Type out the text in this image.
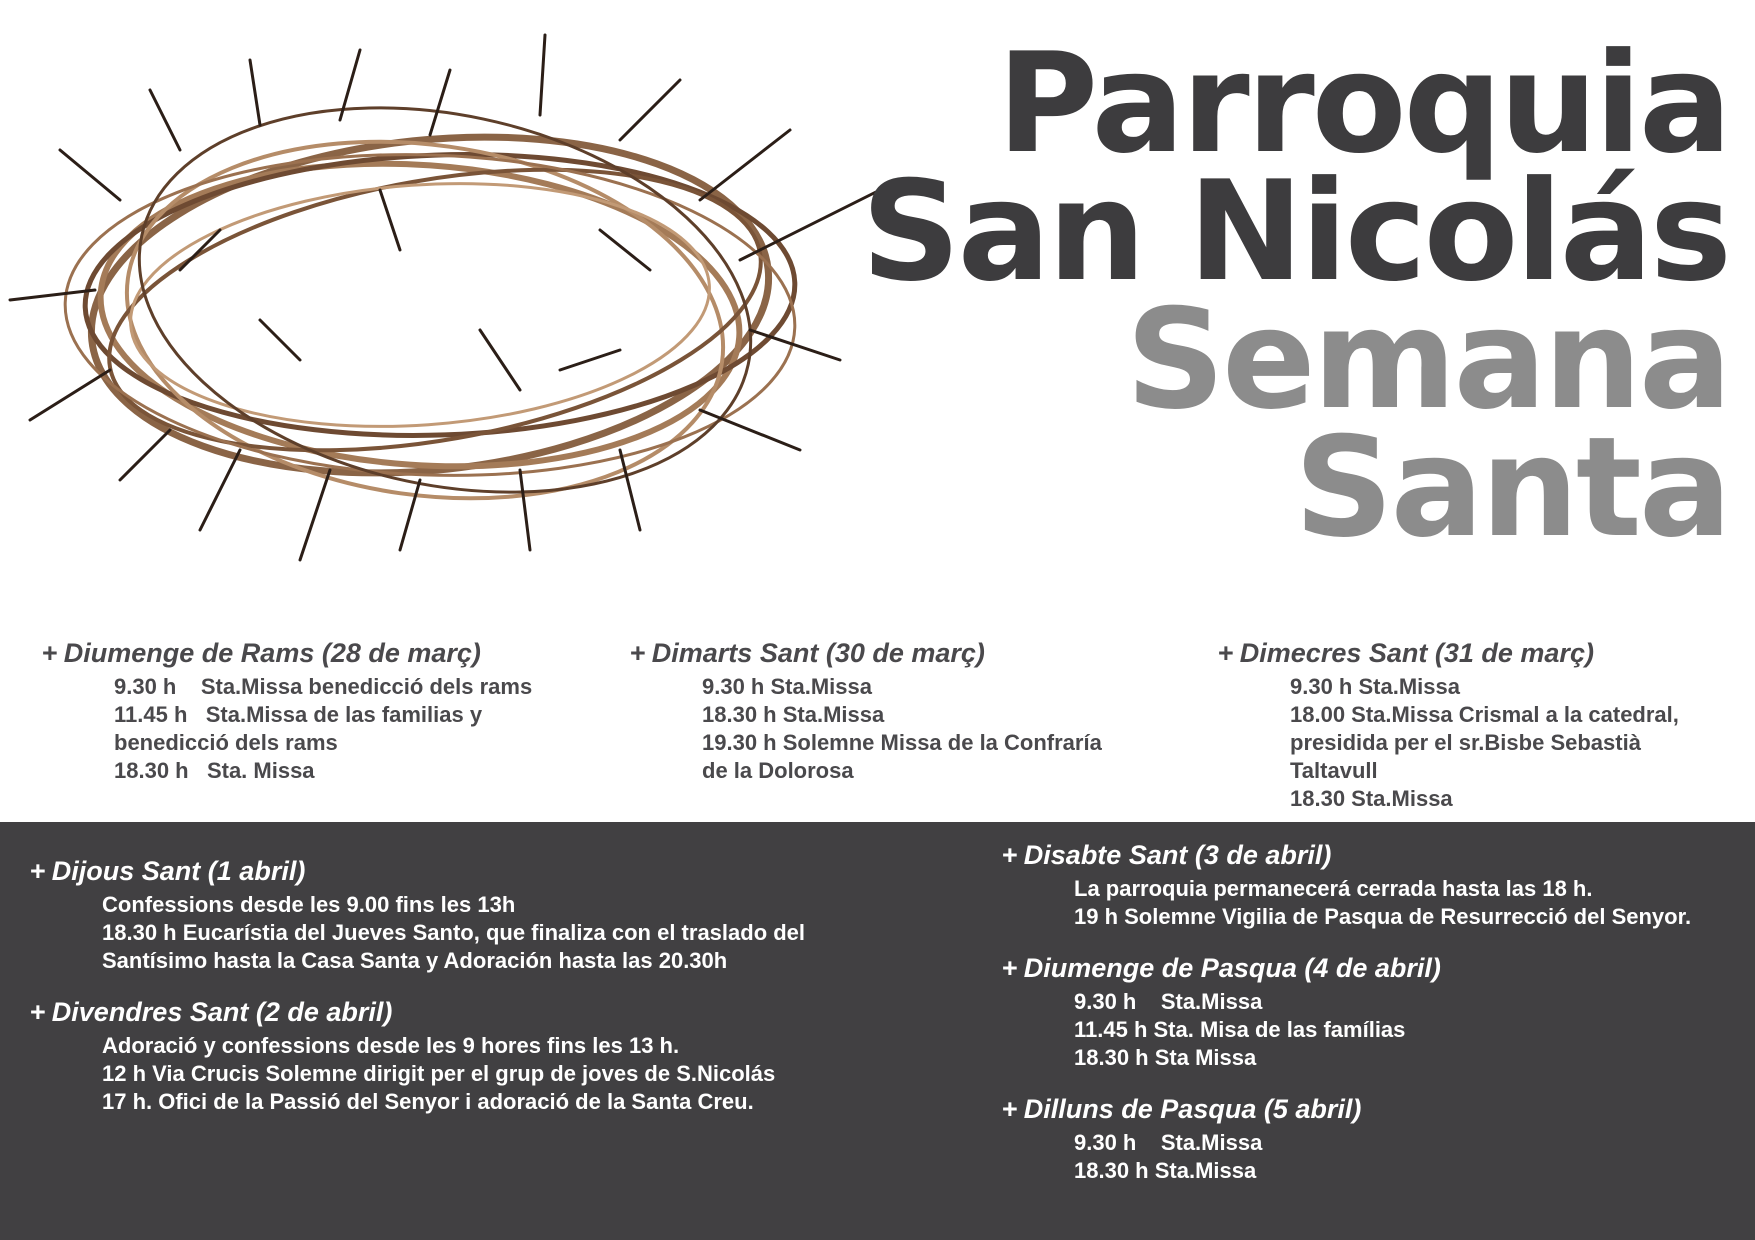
Parroquia
San Nicolás
Semana
Santa
+ Diumenge de Rams (28 de març)
9.30 h    Sta.Missa benedicció dels rams
11.45 h   Sta.Missa de las familias y
benedicció dels rams
18.30 h   Sta. Missa
+ Dimarts Sant (30 de març)
9.30 h Sta.Missa
18.30 h Sta.Missa
19.30 h Solemne Missa de la Confraría
de la Dolorosa
+ Dimecres Sant (31 de març)
9.30 h Sta.Missa
18.00 Sta.Missa Crismal a la catedral,
presidida per el sr.Bisbe Sebastià
Taltavull
18.30 Sta.Missa
+ Dijous Sant (1 abril)
Confessions desde les 9.00 fins les 13h
18.30 h Eucarístia del Jueves Santo, que finaliza con el traslado del
Santísimo hasta la Casa Santa y Adoración hasta las 20.30h
+ Divendres Sant (2 de abril)
Adoració y confessions desde les 9 hores fins les 13 h.
12 h Via Crucis Solemne dirigit per el grup de joves de S.Nicolás
17 h. Ofici de la Passió del Senyor i adoració de la Santa Creu.
+ Disabte Sant (3 de abril)
La parroquia permanecerá cerrada hasta las 18 h.
19 h Solemne Vigilia de Pasqua de Resurrecció del Senyor.
+ Diumenge de Pasqua (4 de abril)
9.30 h    Sta.Missa
11.45 h Sta. Misa de las famílias
18.30 h Sta Missa
+ Dilluns de Pasqua (5 abril)
9.30 h    Sta.Missa
18.30 h Sta.Missa
